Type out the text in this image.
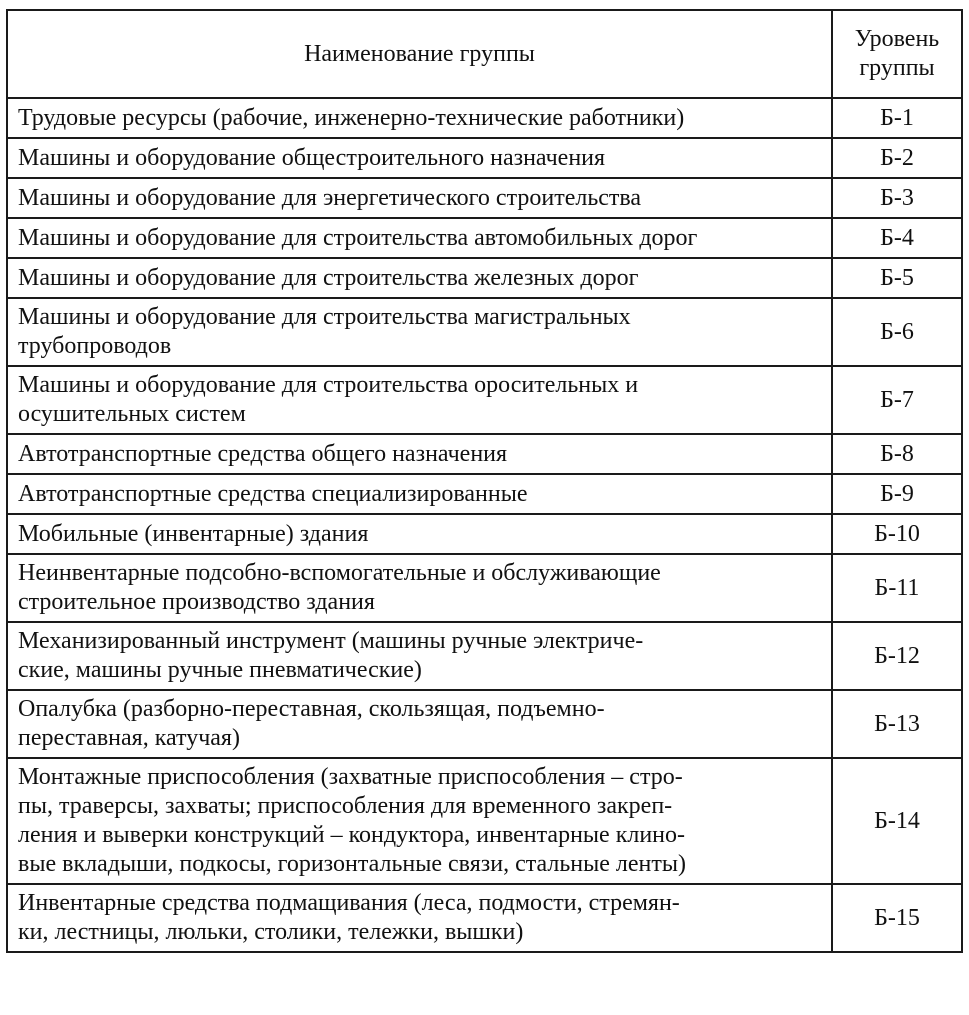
Наименование группы	Уровень
группы
Трудовые ресурсы (рабочие, инженерно-технические работники)	Б-1
Машины и оборудование общестроительного назначения	Б-2
Машины и оборудование для энергетического строительства	Б-3
Машины и оборудование для строительства автомобильных дорог	Б-4
Машины и оборудование для строительства железных дорог	Б-5
Машины и оборудование для строительства магистральных
трубопроводов	Б-6
Машины и оборудование для строительства оросительных и
осушительных систем	Б-7
Автотранспортные средства общего назначения	Б-8
Автотранспортные средства специализированные	Б-9
Мобильные (инвентарные) здания	Б-10
Неинвентарные подсобно-вспомогательные и обслуживающие
строительное производство здания	Б-11
Механизированный инструмент (машины ручные электриче-
ские, машины ручные пневматические)	Б-12
Опалубка (разборно-переставная, скользящая, подъемно-
переставная, катучая)	Б-13
Монтажные приспособления (захватные приспособления – стро-
пы, траверсы, захваты; приспособления для временного закреп-
ления и выверки конструкций – кондуктора, инвентарные клино-
вые вкладыши, подкосы, горизонтальные связи, стальные ленты)	Б-14
Инвентарные средства подмащивания (леса, подмости, стремян-
ки, лестницы, люльки, столики, тележки, вышки)	Б-15
